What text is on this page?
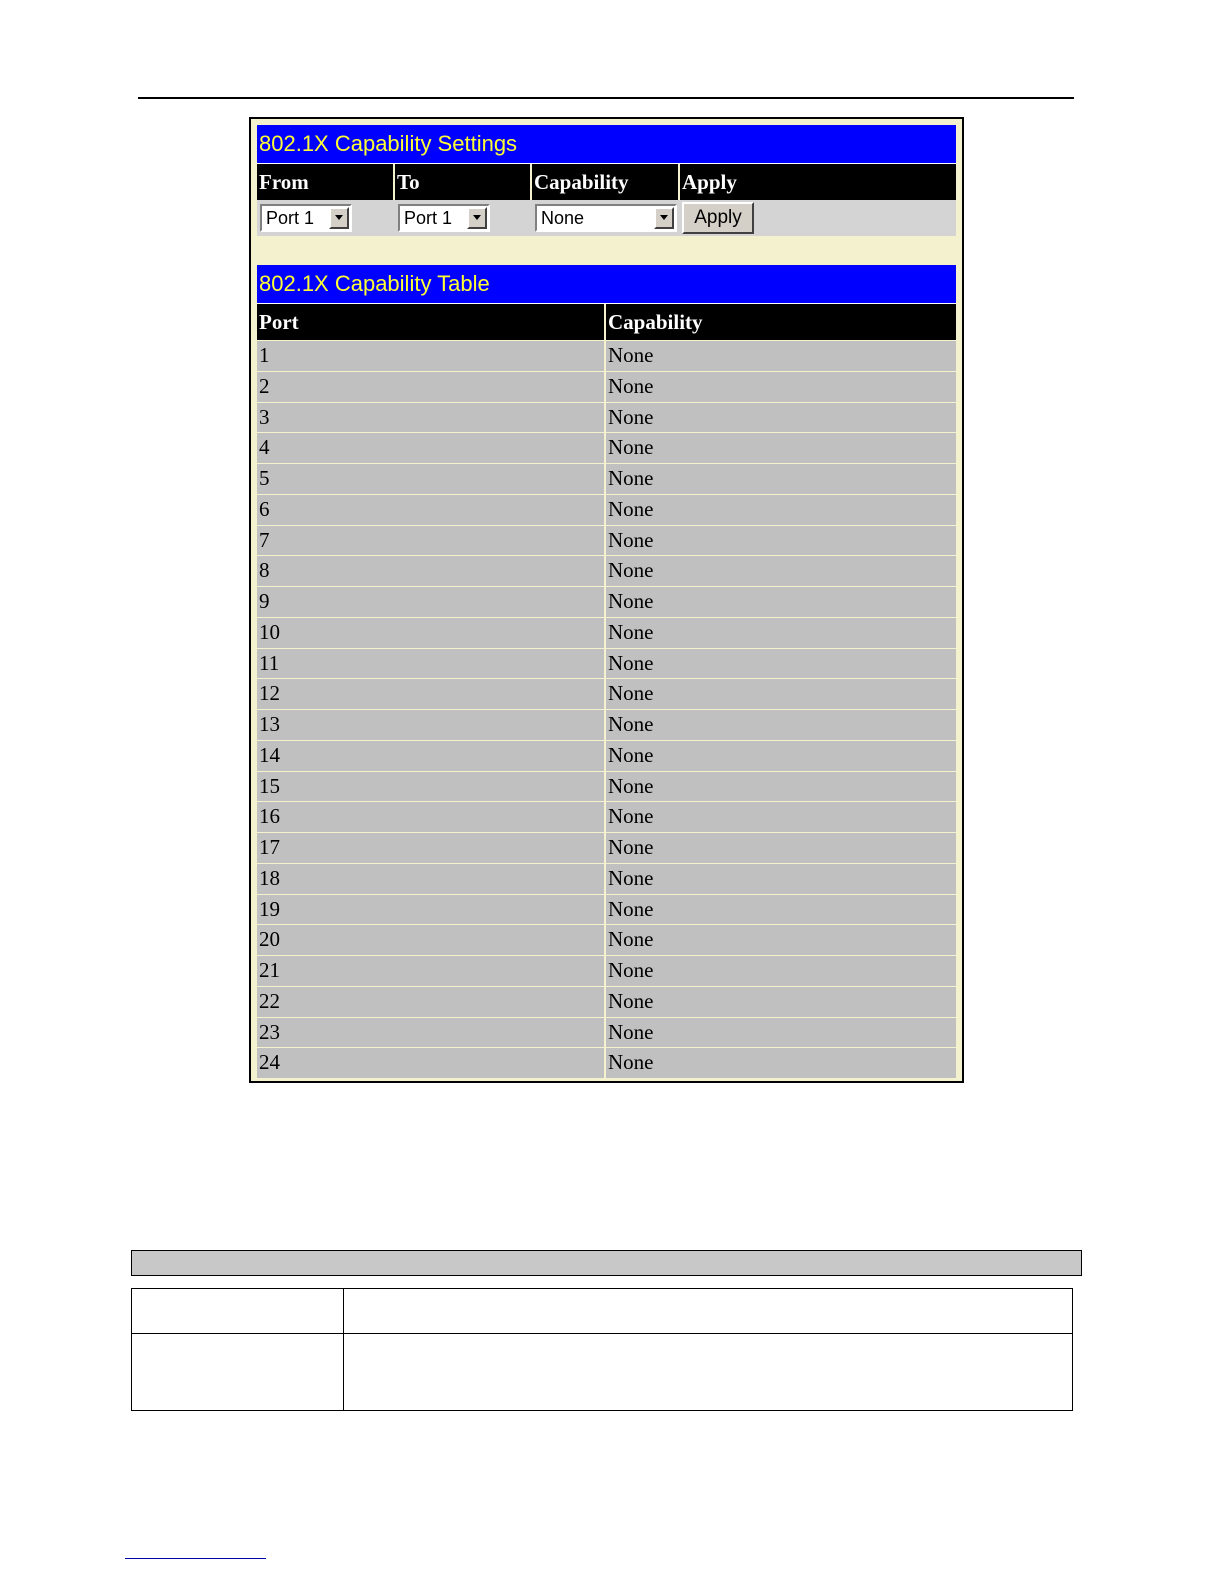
802.1X Capability Settings
From	To	Capability	Apply
Port 1	Port 1	None	Apply
802.1X Capability Table
Port	Capability
1	None
2	None
3	None
4	None
5	None
6	None
7	None
8	None
9	None
10	None
11	None
12	None
13	None
14	None
15	None
16	None
17	None
18	None
19	None
20	None
21	None
22	None
23	None
24	None
